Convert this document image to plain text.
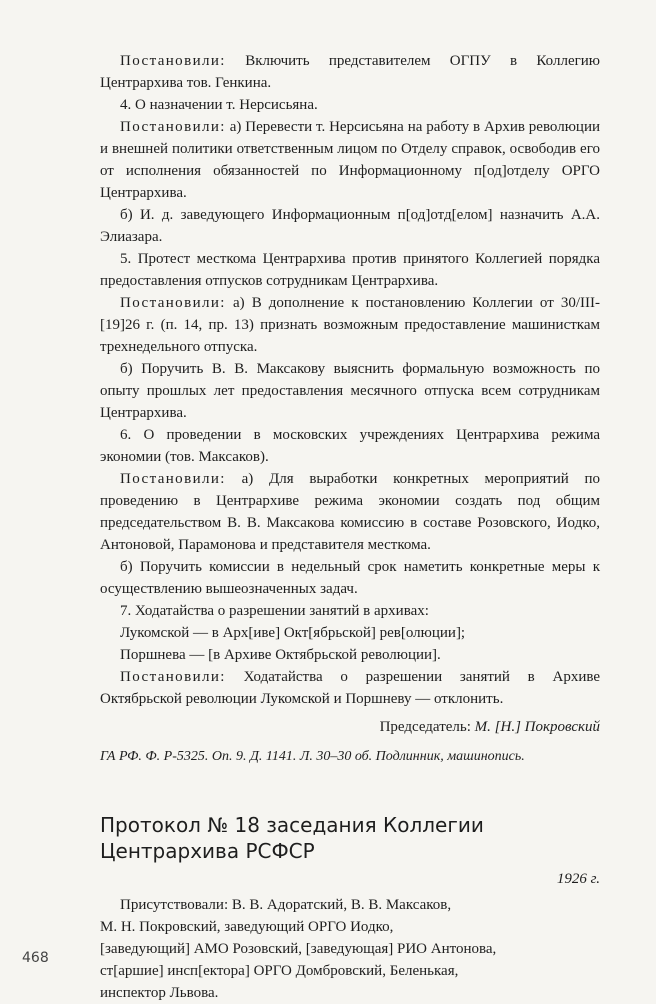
Постановили: Включить представителем ОГПУ в Коллегию Центрархива тов. Генкина.

4. О назначении т. Нерсисьяна.

Постановили: а) Перевести т. Нерсисьяна на работу в Архив революции и внешней политики ответственным лицом по Отделу справок, освободив его от исполнения обязанностей по Информационному п[од]отделу ОРГО Центрархива.

б) И. д. заведующего Информационным п[од]отд[елом] назначить А.А. Элиазара.

5. Протест месткома Центрархива против принятого Коллегией порядка предоставления отпусков сотрудникам Центрархива.

Постановили: а) В дополнение к постановлению Коллегии от 30/III-[19]26 г. (п. 14, пр. 13) признать возможным предоставление машинисткам трехнедельного отпуска.

б) Поручить В. В. Максакову выяснить формальную возможность по опыту прошлых лет предоставления месячного отпуска всем сотрудникам Центрархива.

6. О проведении в московских учреждениях Центрархива режима экономии (тов. Максаков).

Постановили: а) Для выработки конкретных мероприятий по проведению в Центрархиве режима экономии создать под общим председательством В. В. Максакова комиссию в составе Розовского, Иодко, Антоновой, Парамонова и представителя месткома.

б) Поручить комиссии в недельный срок наметить конкретные меры к осуществлению вышеозначенных задач.

7. Ходатайства о разрешении занятий в архивах:

Лукомской — в Арх[иве] Окт[ябрьской] рев[олюции];

Поршнева — [в Архиве Октябрьской революции].

Постановили: Ходатайства о разрешении занятий в Архиве Октябрьской революции Лукомской и Поршневу — отклонить.

Председатель: М. [Н.] Покровский

ГА РФ. Ф. Р-5325. Оп. 9. Д. 1141. Л. 30–30 об. Подлинник, машинопись.

Протокол № 18 заседания Коллегии
Центрархива РСФСР

1926 г.

Присутствовали: В. В. Адоратский, В. В. Максаков,
М. Н. Покровский, заведующий ОРГО Иодко,
[заведующий] АМО Розовский, [заведующая] РИО Антонова,
ст[аршие] инсп[ектора] ОРГО Домбровский, Беленькая,
инспектор Львова.
468
